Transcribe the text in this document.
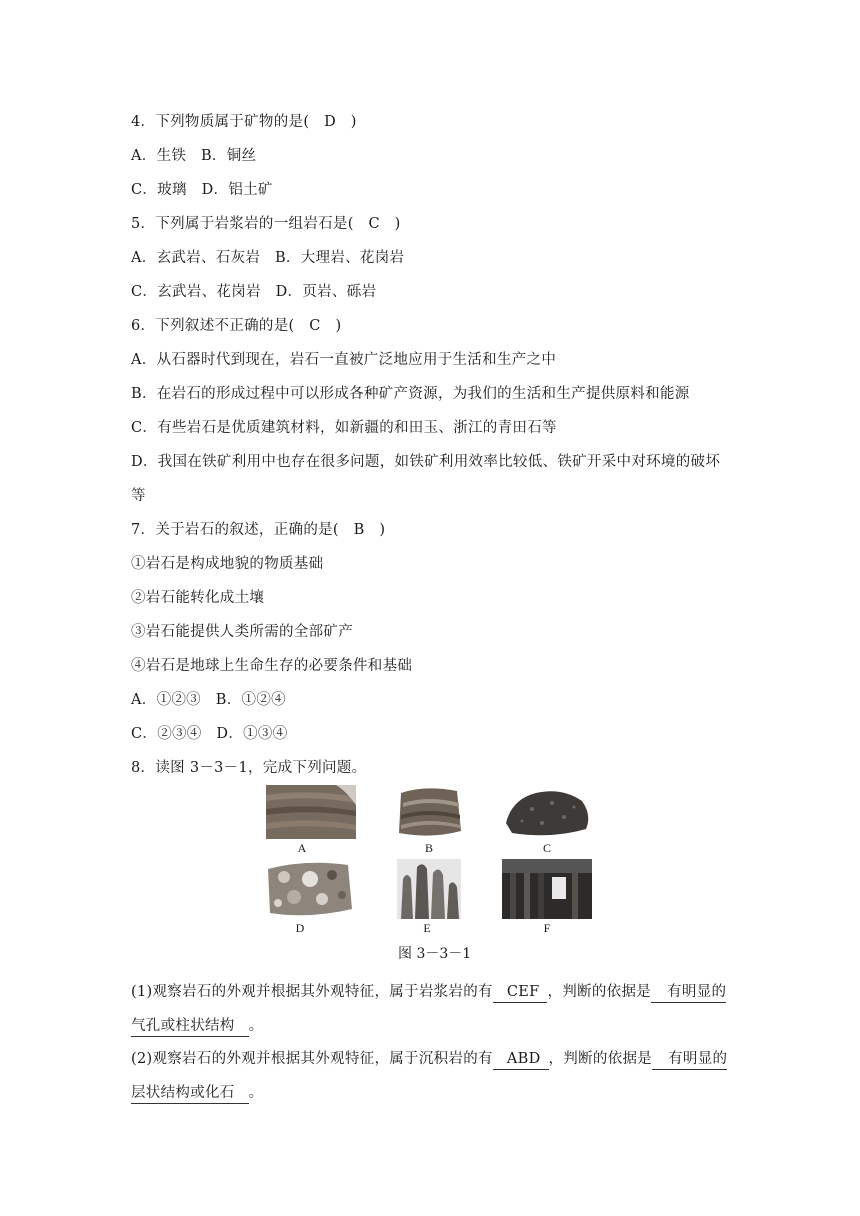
4．下列物质属于矿物的是(　D　)
A．生铁　B．铜丝
C．玻璃　D．铝土矿
5．下列属于岩浆岩的一组岩石是(　C　)
A．玄武岩、石灰岩　B．大理岩、花岗岩
C．玄武岩、花岗岩　D．页岩、砾岩
6．下列叙述不正确的是(　C　)
A．从石器时代到现在，岩石一直被广泛地应用于生活和生产之中
B．在岩石的形成过程中可以形成各种矿产资源，为我们的生活和生产提供原料和能源
C．有些岩石是优质建筑材料，如新疆的和田玉、浙江的青田石等
D．我国在铁矿利用中也存在很多问题，如铁矿利用效率比较低、铁矿开采中对环境的破坏
等
7．关于岩石的叙述，正确的是(　B　)
①岩石是构成地貌的物质基础
②岩石能转化成土壤
③岩石能提供人类所需的全部矿产
④岩石是地球上生命生存的必要条件和基础
A．①②③　B．①②④
C．②③④　D．①③④
8．读图 3－3－1，完成下列问题。
A	B	C
D	E	F
图 3－3－1
(1)观察岩石的外观并根据其外观特征，属于岩浆岩的有 CEF ，判断的依据是 有明显的
气孔或柱状结构 。
(2)观察岩石的外观并根据其外观特征，属于沉积岩的有 ABD ，判断的依据是 有明显的
层状结构或化石 。
